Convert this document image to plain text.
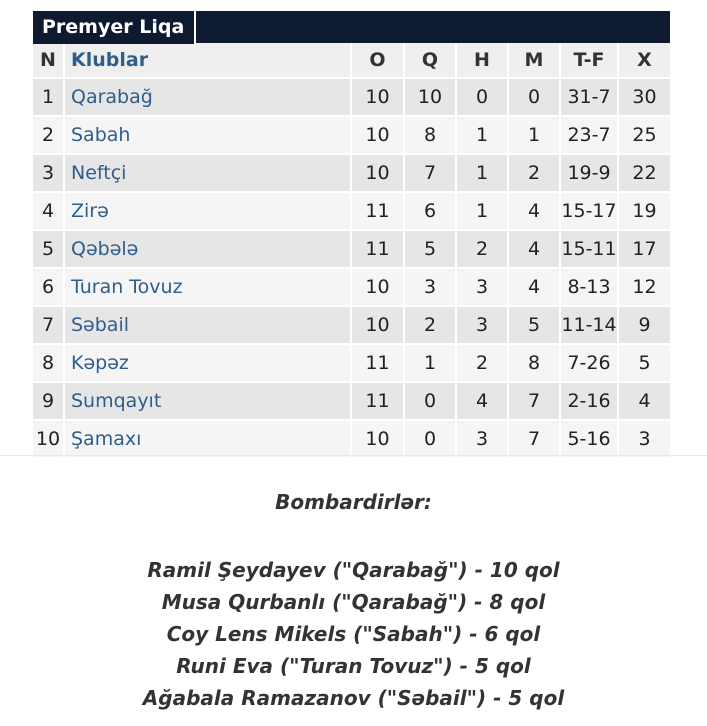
Premyer Liqa
N	Klublar	O	Q	H	M	T-F	X
1	Qarabağ	10	10	0	0	31-7	30
2	Sabah	10	8	1	1	23-7	25
3	Neftçi	10	7	1	2	19-9	22
4	Zirə	11	6	1	4	15-17	19
5	Qəbələ	11	5	2	4	15-11	17
6	Turan Tovuz	10	3	3	4	8-13	12
7	Səbail	10	2	3	5	11-14	9
8	Kəpəz	11	1	2	8	7-26	5
9	Sumqayıt	11	0	4	7	2-16	4
10	Şamaxı	10	0	3	7	5-16	3
Bombardirlər:
Ramil Şeydayev ("Qarabağ") - 10 qol
Musa Qurbanlı ("Qarabağ") - 8 qol
Coy Lens Mikels ("Sabah") - 6 qol
Runi Eva ("Turan Tovuz") - 5 qol
Ağabala Ramazanov ("Səbail") - 5 qol
